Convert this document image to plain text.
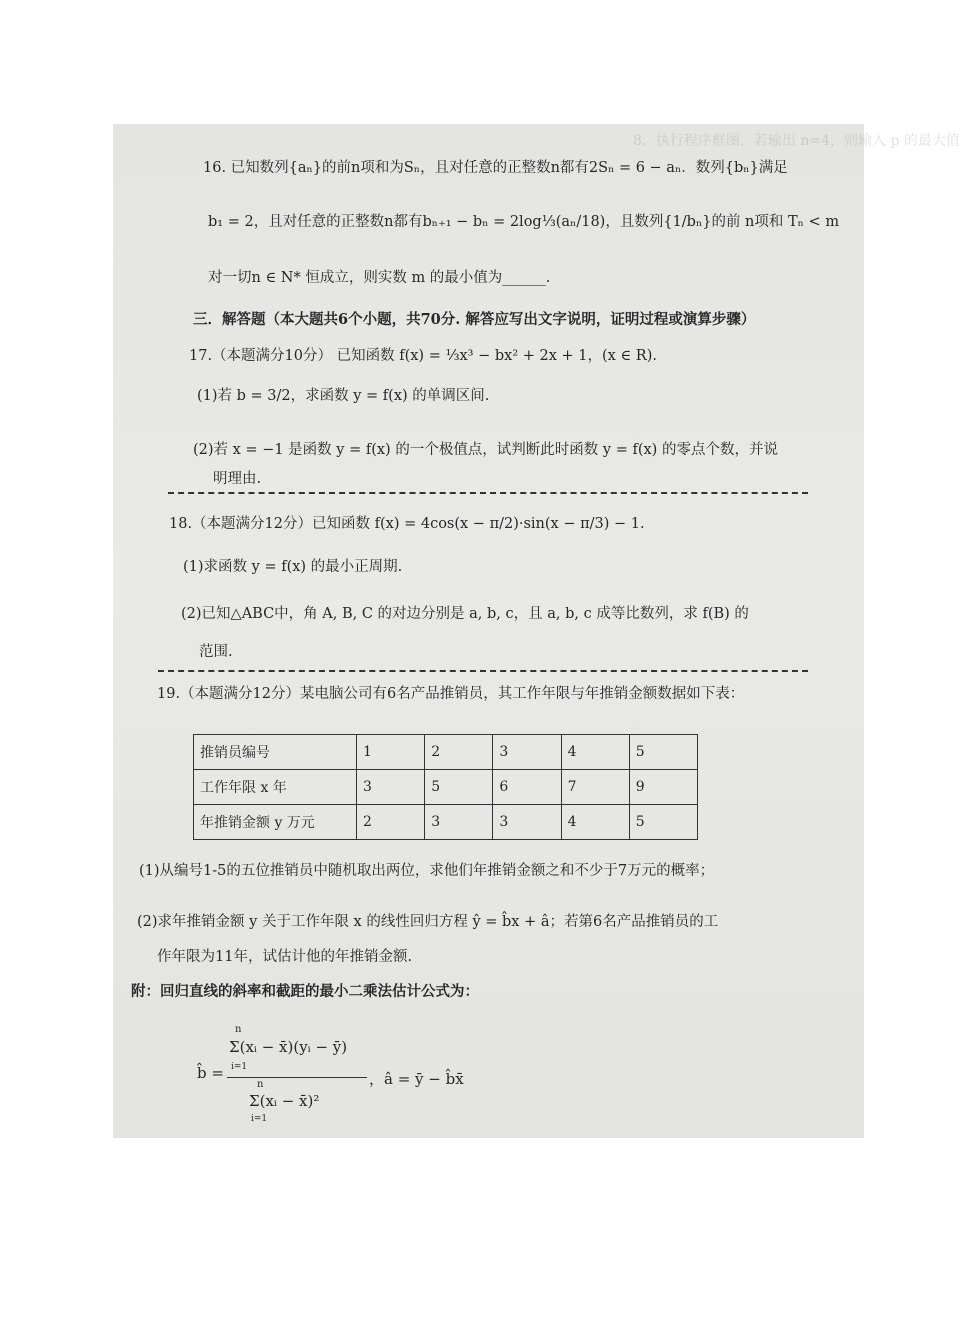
8．执行程序框图，若输出 n=4，则输入 p 的最大值
16. 已知数列{aₙ}的前n项和为Sₙ，且对任意的正整数n都有2Sₙ = 6 − aₙ．数列{bₙ}满足
b₁ = 2，且对任意的正整数n都有bₙ₊₁ − bₙ = 2log⅓(aₙ/18)，且数列{1/bₙ}的前 n项和 Tₙ < m
对一切n ∈ N* 恒成立，则实数 m 的最小值为______.
三．解答题（本大题共6个小题，共70分. 解答应写出文字说明，证明过程或演算步骤）
17.（本题满分10分） 已知函数 f(x) = ⅓x³ − bx² + 2x + 1，(x ∈ R).
(1)若 b = 3/2，求函数 y = f(x) 的单调区间.
(2)若 x = −1 是函数 y = f(x) 的一个极值点，试判断此时函数 y = f(x) 的零点个数，并说
明理由.
18.（本题满分12分）已知函数 f(x) = 4cos(x − π/2)·sin(x − π/3) − 1.
(1)求函数 y = f(x) 的最小正周期.
(2)已知△ABC中，角 A, B, C 的对边分别是 a, b, c，且 a, b, c 成等比数列，求 f(B) 的
范围.
19.（本题满分12分）某电脑公司有6名产品推销员，其工作年限与年推销金额数据如下表：
推销员编号	1	2	3	4	5
工作年限 x 年	3	5	6	7	9
年推销金额 y 万元	2	3	3	4	5
(1)从编号1-5的五位推销员中随机取出两位，求他们年推销金额之和不少于7万元的概率；
(2)求年推销金额 y 关于工作年限 x 的线性回归方程 ŷ = b̂x + â；若第6名产品推销员的工
作年限为11年，试估计他的年推销金额.
附：回归直线的斜率和截距的最小二乘法估计公式为：
b̂ =
n
Σ(xᵢ − x̄)(yᵢ − ȳ)
i=1
n
Σ(xᵢ − x̄)²
i=1
，â = ȳ − b̂x̄
